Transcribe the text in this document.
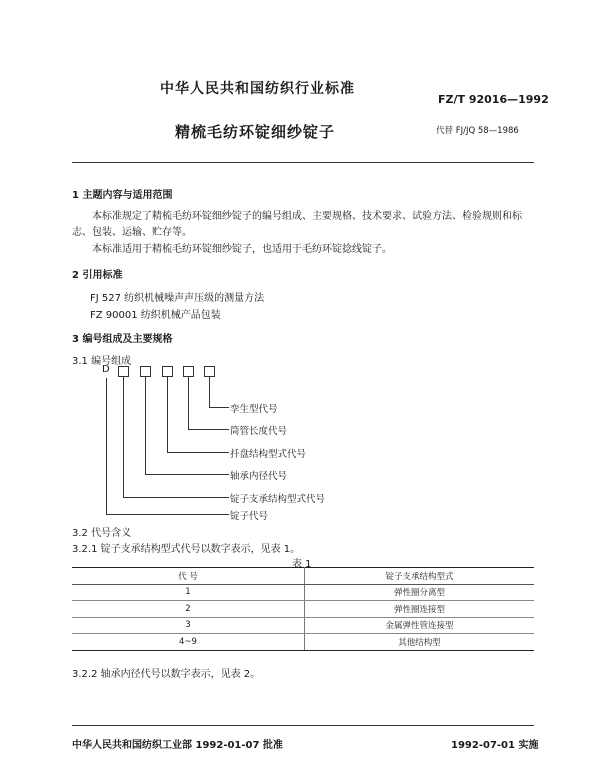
中华人民共和国纺织行业标准
FZ/T 92016—1992
精梳毛纺环锭细纱锭子	代替 FJ/JQ 58—1986
1 主题内容与适用范围
本标准规定了精梳毛纺环锭细纱锭子的编号组成、主要规格、技术要求、试验方法、检验规则和标志、包装、运输、贮存等。
本标准适用于精梳毛纺环锭细纱锭子，也适用于毛纺环锭捻线锭子。
2 引用标准
FJ 527 纺织机械噪声声压级的测量方法
FZ 90001 纺织机械产品包装
3 编号组成及主要规格
3.1 编号组成
D
孪生型代号
筒管长度代号
扦盘结构型式代号
轴承内径代号
锭子支承结构型式代号
锭子代号
3.2 代号含义
3.2.1 锭子支承结构型式代号以数字表示，见表 1。
表 1
代 号	锭子支承结构型式
1	弹性圈分离型
2	弹性圈连接型
3	金属弹性管连接型
4~9	其他结构型
3.2.2 轴承内径代号以数字表示，见表 2。
中华人民共和国纺织工业部 1992-01-07 批准	1992-07-01 实施
